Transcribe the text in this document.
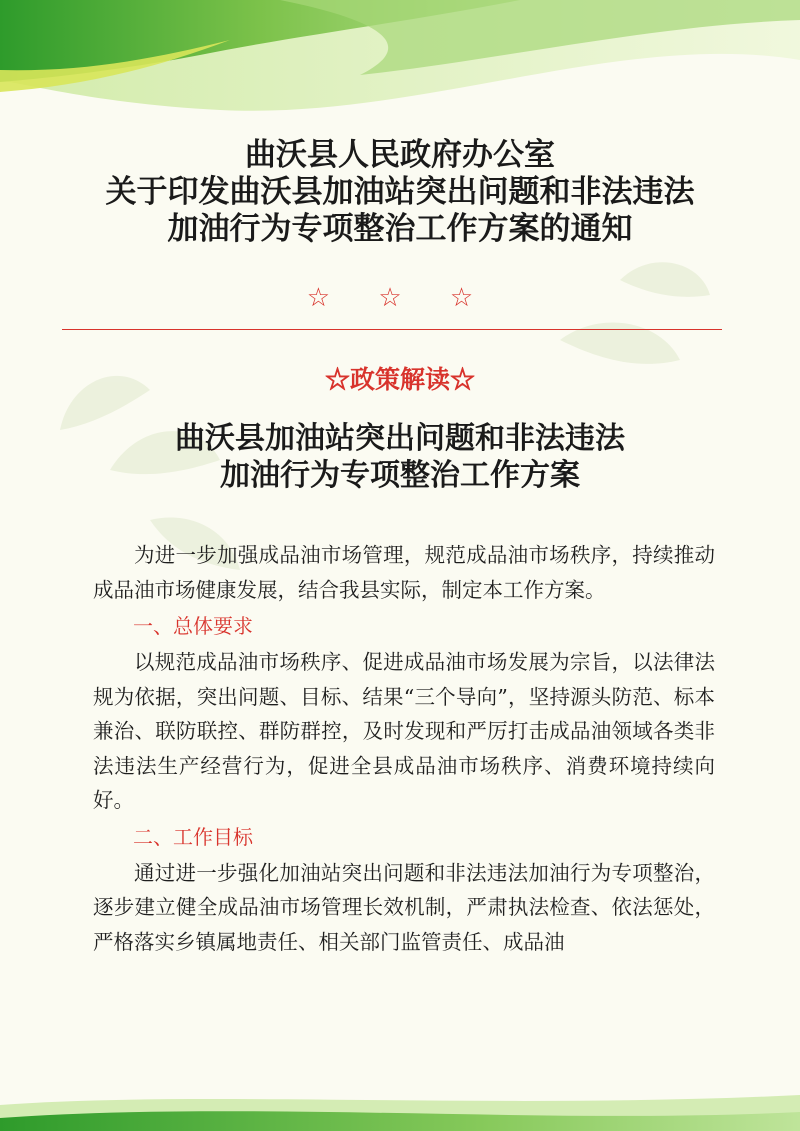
曲沃县人民政府办公室
关于印发曲沃县加油站突出问题和非法违法
加油行为专项整治工作方案的通知
☆ ☆ ☆
☆政策解读☆
曲沃县加油站突出问题和非法违法
加油行为专项整治工作方案

为进一步加强成品油市场管理，规范成品油市场秩序，持续推动成品油市场健康发展，结合我县实际，制定本工作方案。

一、总体要求

以规范成品油市场秩序、促进成品油市场发展为宗旨，以法律法规为依据，突出问题、目标、结果“三个导向”，坚持源头防范、标本兼治、联防联控、群防群控，及时发现和严厉打击成品油领域各类非法违法生产经营行为，促进全县成品油市场秩序、消费环境持续向好。

二、工作目标

通过进一步强化加油站突出问题和非法违法加油行为专项整治，逐步建立健全成品油市场管理长效机制，严肃执法检查、依法惩处，严格落实乡镇属地责任、相关部门监管责任、成品油
